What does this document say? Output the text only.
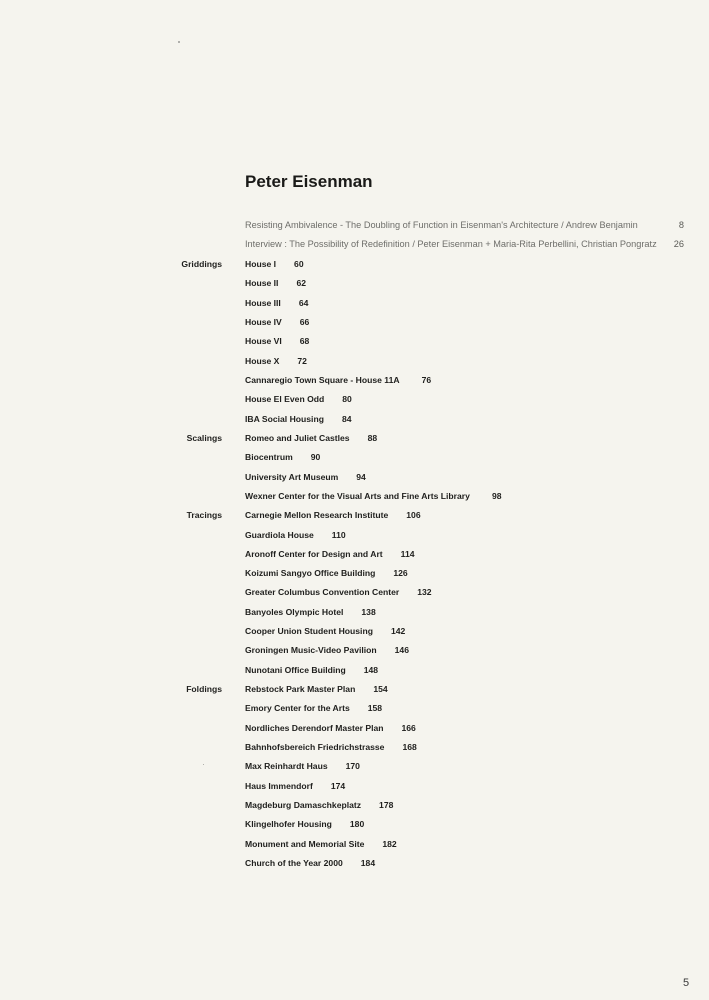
Peter Eisenman
Resisting Ambivalence - The Doubling of Function in Eisenman's Architecture / Andrew Benjamin	8
Interview : The Possibility of Redefinition / Peter Eisenman + Maria-Rita Perbellini, Christian Pongratz 26
Griddings	House I 60
House II 62
House III 64
House IV 66
House VI 68
House X 72
Cannaregio Town Square - House 11A	76
House El Even Odd 80
IBA Social Housing 84
Scalings	Romeo and Juliet Castles 88
Biocentrum 90
University Art Museum 94
Wexner Center for the Visual Arts and Fine Arts Library	98
Tracings	Carnegie Mellon Research Institute 106
Guardiola House 110
Aronoff Center for Design and Art 114
Koizumi Sangyo Office Building 126
Greater Columbus Convention Center 132
Banyoles Olympic Hotel 138
Cooper Union Student Housing 142
Groningen Music-Video Pavilion 146
Nunotani Office Building 148
Foldings	Rebstock Park Master Plan 154
Emory Center for the Arts 158
Nordliches Derendorf Master Plan 166
Bahnhofsbereich Friedrichstrasse 168
Max Reinhardt Haus 170
Haus Immendorf 174
Magdeburg Damaschkeplatz 178
Klingelhofer Housing 180
Monument and Memorial Site 182
Church of the Year 2000 184
5
